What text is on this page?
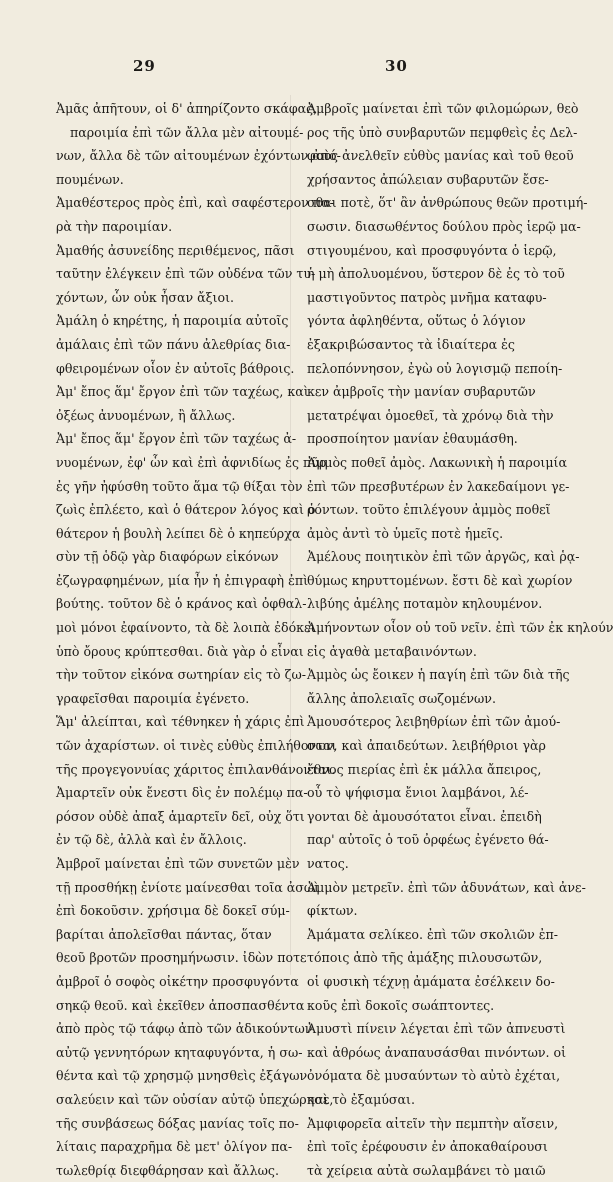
29	30
Ἀμᾶς ἀπῆτουν, οἱ δ' ἀπηρίζοντο σκάφας,
παροιμία ἐπὶ τῶν ἄλλα μὲν αἰτουμέ-
νων, ἄλλα δὲ τῶν αἰτουμένων ἐχόντων ἀπό-
πουμένων.
Ἀμαθέστερος πρὸς ἐπὶ, καὶ σαφέστερον πα-
ρὰ τὴν παροιμίαν.
Ἀμαθής ἀσυνείδης περιθέμενος, πᾶσι
ταῦτην ἐλέγκειν ἐπὶ τῶν οὐδένα τῶν τυ-
χόντων, ὧν οὐκ ἦσαν ἄξιοι.
Ἀμάλη ὁ κηρέτης, ἡ παροιμία αὐτοῖς
ἀμάλαις ἐπὶ τῶν πάνυ ἀλεθρίας δια-
φθειρομένων οἷον ἐν αὐτοῖς βάθροις.
Ἀμ' ἔπος ἅμ' ἔργον ἐπὶ τῶν ταχέως, καὶ
ὀξέως ἀνυομένων, ἢ ἄλλως.
Ἀμ' ἔπος ἅμ' ἔργον ἐπὶ τῶν ταχέως ἀ-
νυομένων, ἐφ' ὧν καὶ ἐπὶ ἀφνιδίως ἐς πῦρ
ἐς γῆν ἠφύσθη τοῦτο ἅμα τῷ θίξαι τὸν
ζωὶς ἐπλέετο, καὶ ὁ θάτερον λόγος καὶ ὁ
θάτερον ἡ βουλὴ λείπει δὲ ὁ κηπεύρχα
σὺν τῇ ὁδῷ γὰρ διαφόρων εἰκόνων
ἐζωγραφημένων, μία ἦν ἡ ἐπιγραφὴ ἐπὶ
βούτης. τοῦτον δὲ ὁ κράνος καὶ ὀφθαλ-
μοὶ μόνοι ἐφαίνοντο, τὰ δὲ λοιπὰ ἐδόκει
ὑπὸ ὄρους κρύπτεσθαι. διὰ γὰρ ὁ εἶναι
τὴν τοῦτον εἰκόνα σωτηρίαν εἰς τὸ ζω-
γραφεῖσθαι παροιμία ἐγένετο.
Ἅμ' ἀλείπται, καὶ τέθνηκεν ἡ χάρις ἐπὶ
τῶν ἀχαρίστων. οἱ τινὲς εὐθὺς ἐπιλήθονται
τῆς προγεγονυίας χάριτος ἐπιλανθάνονται.
Ἀμαρτεῖν οὐκ ἔνεστι δὶς ἐν πολέμῳ πα-
ρόσον οὐδὲ ἀπαξ ἁμαρτεῖν δεῖ, οὐχ ὅτι
ἐν τῷ δὲ, ἀλλὰ καὶ ἐν ἄλλοις.
Ἀμβροῖ μαίνεται ἐπὶ τῶν συνετῶν μὲν
τῇ προσθήκῃ ἐνίοτε μαίνεσθαι τοῖα ἀσωὶ
ἐπὶ δοκοῦσιν. χρήσιμα δὲ δοκεῖ σύμ-
βαρίται ἀπολεῖσθαι πάντας, ὅταν
θεοῦ βροτῶν προσημήνωσιν. ἰδὼν ποτε
ἀμβροῖ ὁ σοφὸς οἰκέτην προσφυγόντα
σηκῷ θεοῦ. καὶ ἐκεῖθεν ἀποσπασθέντα
ἀπὸ πρὸς τῷ τάφῳ ἀπὸ τῶν ἀδικούντων
αὐτῷ γεννητόρων κηταφυγόντα, ἡ σω-
θέντα καὶ τῷ χρησμῷ μνησθεὶς ἐξάγων
σαλεύειν καὶ τῶν οὐσίαν αὐτῷ ὑπεχώρησε,
τῆς συνβάσεως δόξας μανίας τοῖς πο-
λίταις παραχρῆμα δὲ μετ' ὀλίγον πα-
τωλεθρίᾳ διεφθάρησαν καὶ ἄλλως.
Ἀμβροῖς μαίνεται ἐπὶ τῶν φιλομώρων, θεὸ
ρος τῆς ὑπὸ συνβαρυτῶν πεμφθεὶς ἐς Δελ-
φοὺς ἀνελθεῖν εὐθὺς μανίας καὶ τοῦ θεοῦ
χρήσαντος ἀπώλειαν συβαρυτῶν ἔσε-
σθαι ποτὲ, ὅτ' ἂν ἀνθρώπους θεῶν προτιμή-
σωσιν. διασωθέντος δούλου πρὸς ἱερῷ μα-
στιγουμένου, καὶ προσφυγόντα ὁ ἱερῷ,
ἡ μὴ ἀπολυομένου, ὕστερον δὲ ἐς τὸ τοῦ
μαστιγοῦντος πατρὸς μνῆμα καταφυ-
γόντα ἀφληθέντα, οὕτως ὁ λόγιον
ἐξακριβώσαντος τὰ ἰδιαίτερα ἐς
πελοπόννησον, ἐγὼ οὐ λογισμῷ πεποίη-
κεν ἀμβροῖς τὴν μανίαν συβαρυτῶν
μετατρέψαι ὁμοεθεῖ, τὰ χρόνῳ διὰ τὴν
προσποίητον μανίαν ἐθαυμάσθη.
Ἀμμὸς ποθεῖ ἀμὸς. Λακωνικὴ ἡ παροιμία
ἐπὶ τῶν πρεσβυτέρων ἐν λακεδαίμονι γε-
ρόντων. τοῦτο ἐπιλέγουν ἀμμὸς ποθεῖ
ἀμὸς ἀντὶ τὸ ὑμεῖς ποτὲ ἡμεῖς.
Ἀμέλους ποιητικὸν ἐπὶ τῶν ἀργῶς, καὶ ῥᾳ-
θύμως κηρυττομένων. ἔστι δὲ καὶ χωρίον
λιβύης ἀμέλης ποταμὸν κηλουμένον.
Ἀμήνοντων οἷον οὐ τοῦ νεῖν. ἐπὶ τῶν ἐκ κηλούν
εἰς ἀγαθὰ μεταβαινόντων.
Ἀμμὸς ὡς ἔοικεν ἡ παγίη ἐπὶ τῶν διὰ τῆς
ἄλλης ἀπολειαῖς σωζομένων.
Ἀμουσότερος λειβηθρίων ἐπὶ τῶν ἀμού-
σων, καὶ ἀπαιδεύτων. λειβήθριοι γὰρ
ἔθνος πιερίας ἐπὶ ἐκ μάλλα ἄπειρος,
οὗ τὸ ψήφισμα ἔνιοι λαμβάνοι, λέ-
γονται δὲ ἀμουσότατοι εἶναι. ἐπειδὴ
παρ' αὐτοῖς ὁ τοῦ ὀρφέως ἐγένετο θά-
νατος.
Ἀμμὸν μετρεῖν. ἐπὶ τῶν ἀδυνάτων, καὶ ἀνε-
φίκτων.
Ἀμάματα σελίκεο. ἐπὶ τῶν σκολιῶν ἐπ-
τόποις ἀπὸ τῆς ἀμάξης πιλουσωτῶν,
οἱ φυσικὴ τέχνῃ ἀμάματα ἐσέλκειν δο-
κοῦς ἐπὶ δοκοῖς σωάπτοντες.
Ἀμυστὶ πίνειν λέγεται ἐπὶ τῶν ἀπνευστὶ
καὶ ἀθρόως ἀναπαυσάσθαι πινόντων. οἱ
ὀνόματα δὲ μυσαύντων τὸ αὐτὸ ἐχέται,
καὶ τὸ ἐξαμύσαι.
Ἀμφιφορεῖα αἰτεῖν τὴν πεμπτὴν αἴσειν,
ἐπὶ τοῖς ἐρέφουσιν ἐν ἀποκαθαίρουσι
τὰ χείρεια αὐτὰ σωλαμβάνει τὸ μαιῶ
